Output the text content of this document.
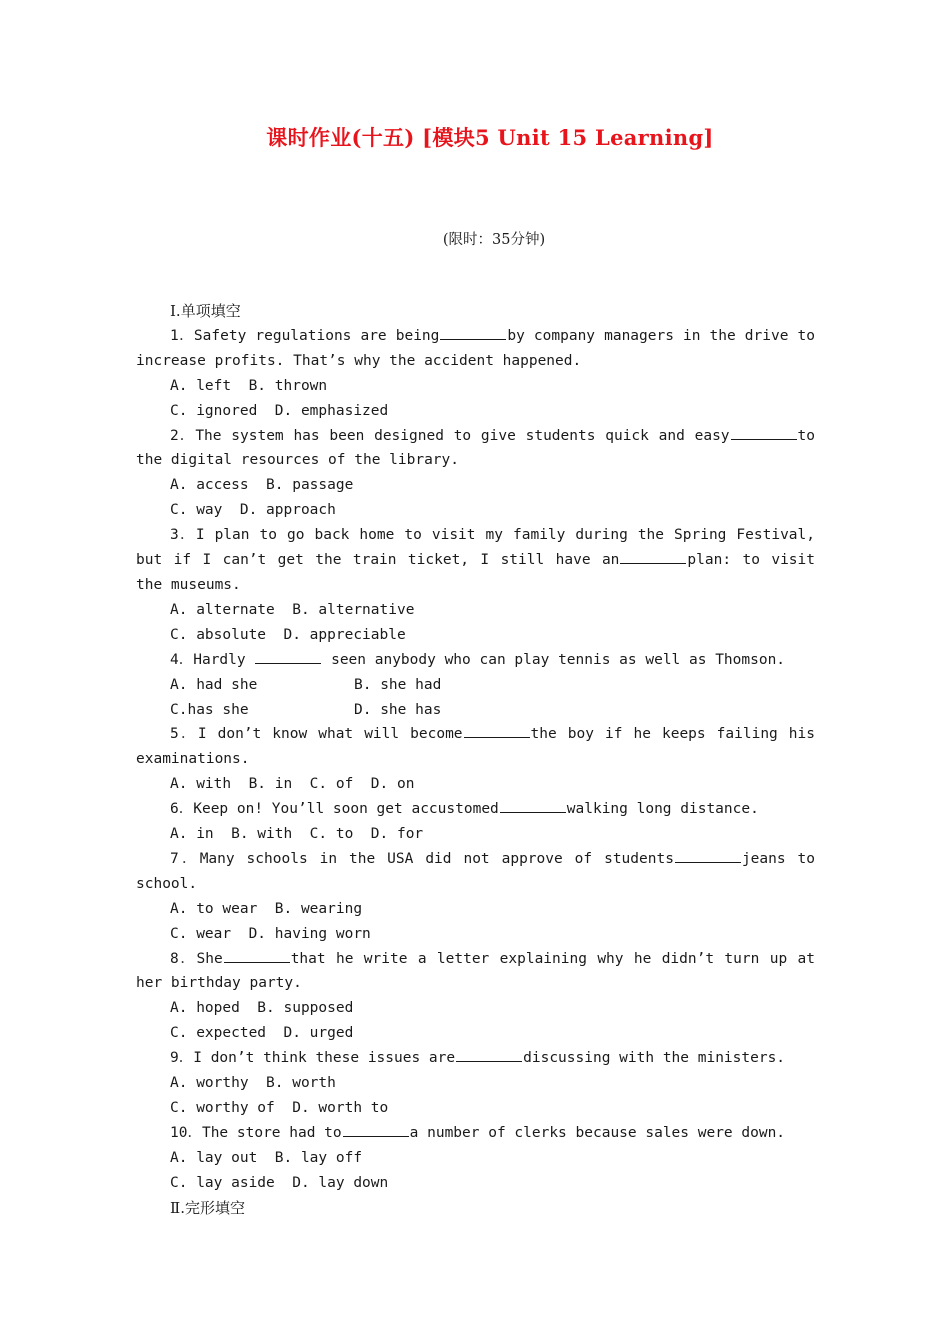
课时作业(十五) [模块5 Unit 15 Learning]
(限时：35分钟)
Ⅰ.单项填空
1．Safety regulations are being	by company managers in the drive to increase profits. That’s why the accident happened.
A. left  B. thrown
C. ignored  D. emphasized
2．The system has been designed to give students quick and easy	to the digital resources of the library.
A. access  B. passage
C. way  D. approach
3．I plan to go back home to visit my family during the Spring Festival, but if I can’t get the train ticket, I still have an	plan: to visit the museums.
A. alternate  B. alternative
C. absolute  D. appreciable
4．Hardly	seen anybody who can play tennis as well as Thomson.
A. had she	B. she had
C.has she	D. she has
5．I don’t know what will become	the boy if he keeps failing his examinations.
A. with  B. in  C. of  D. on
6．Keep on! You’ll soon get accustomed	walking long distance.
A. in  B. with  C. to  D. for
7．Many schools in the USA did not approve of students	jeans to school.
A. to wear  B. wearing
C. wear  D. having worn
8．She	that he write a letter explaining why he didn’t turn up at her birthday party.
A. hoped  B. supposed
C. expected  D. urged
9．I don’t think these issues are	discussing with the ministers.
A. worthy  B. worth
C. worthy of  D. worth to
10．The store had to	a number of clerks because sales were down.
A. lay out  B. lay off
C. lay aside  D. lay down
Ⅱ.完形填空
